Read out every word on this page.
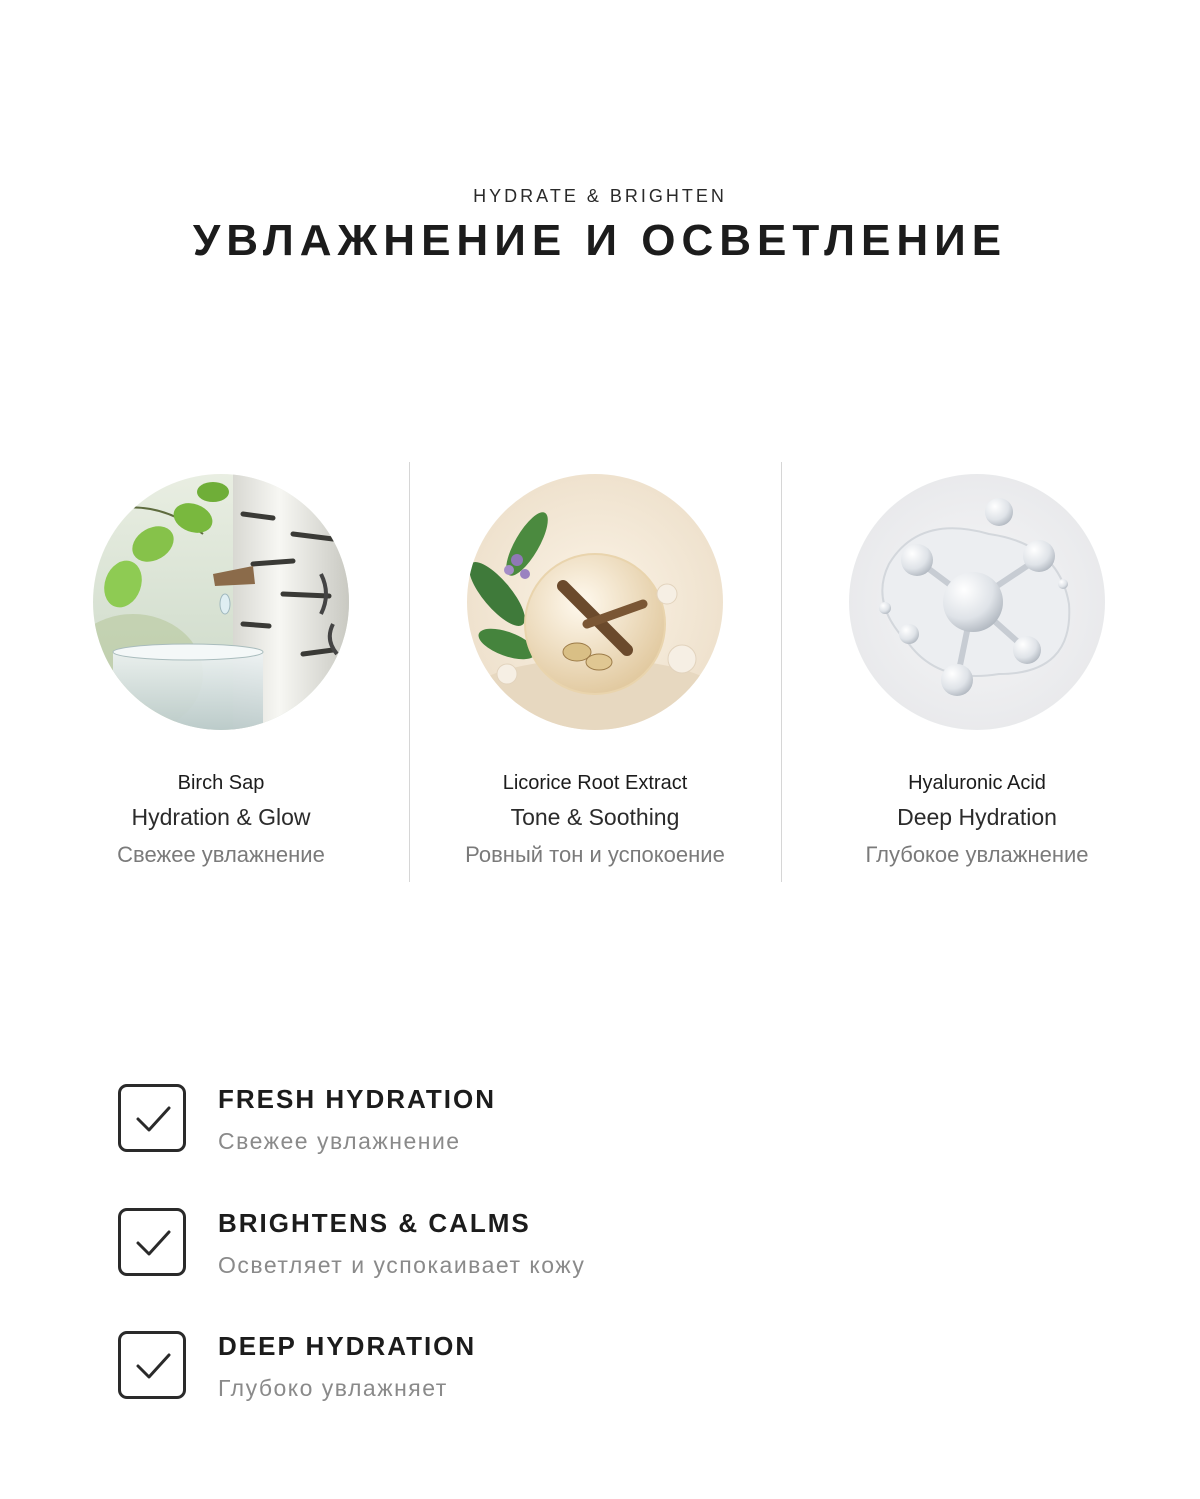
HYDRATE & BRIGHTEN
УВЛАЖНЕНИЕ И ОСВЕТЛЕНИЕ
Birch Sap
Hydration & Glow
Свежее увлажнение
Licorice Root Extract
Tone & Soothing
Ровный тон и успокоение
Hyaluronic Acid
Deep Hydration
Глубокое увлажнение
FRESH HYDRATION
Свежее увлажнение
BRIGHTENS & CALMS
Осветляет и успокаивает кожу
DEEP HYDRATION
Глубоко увлажняет
